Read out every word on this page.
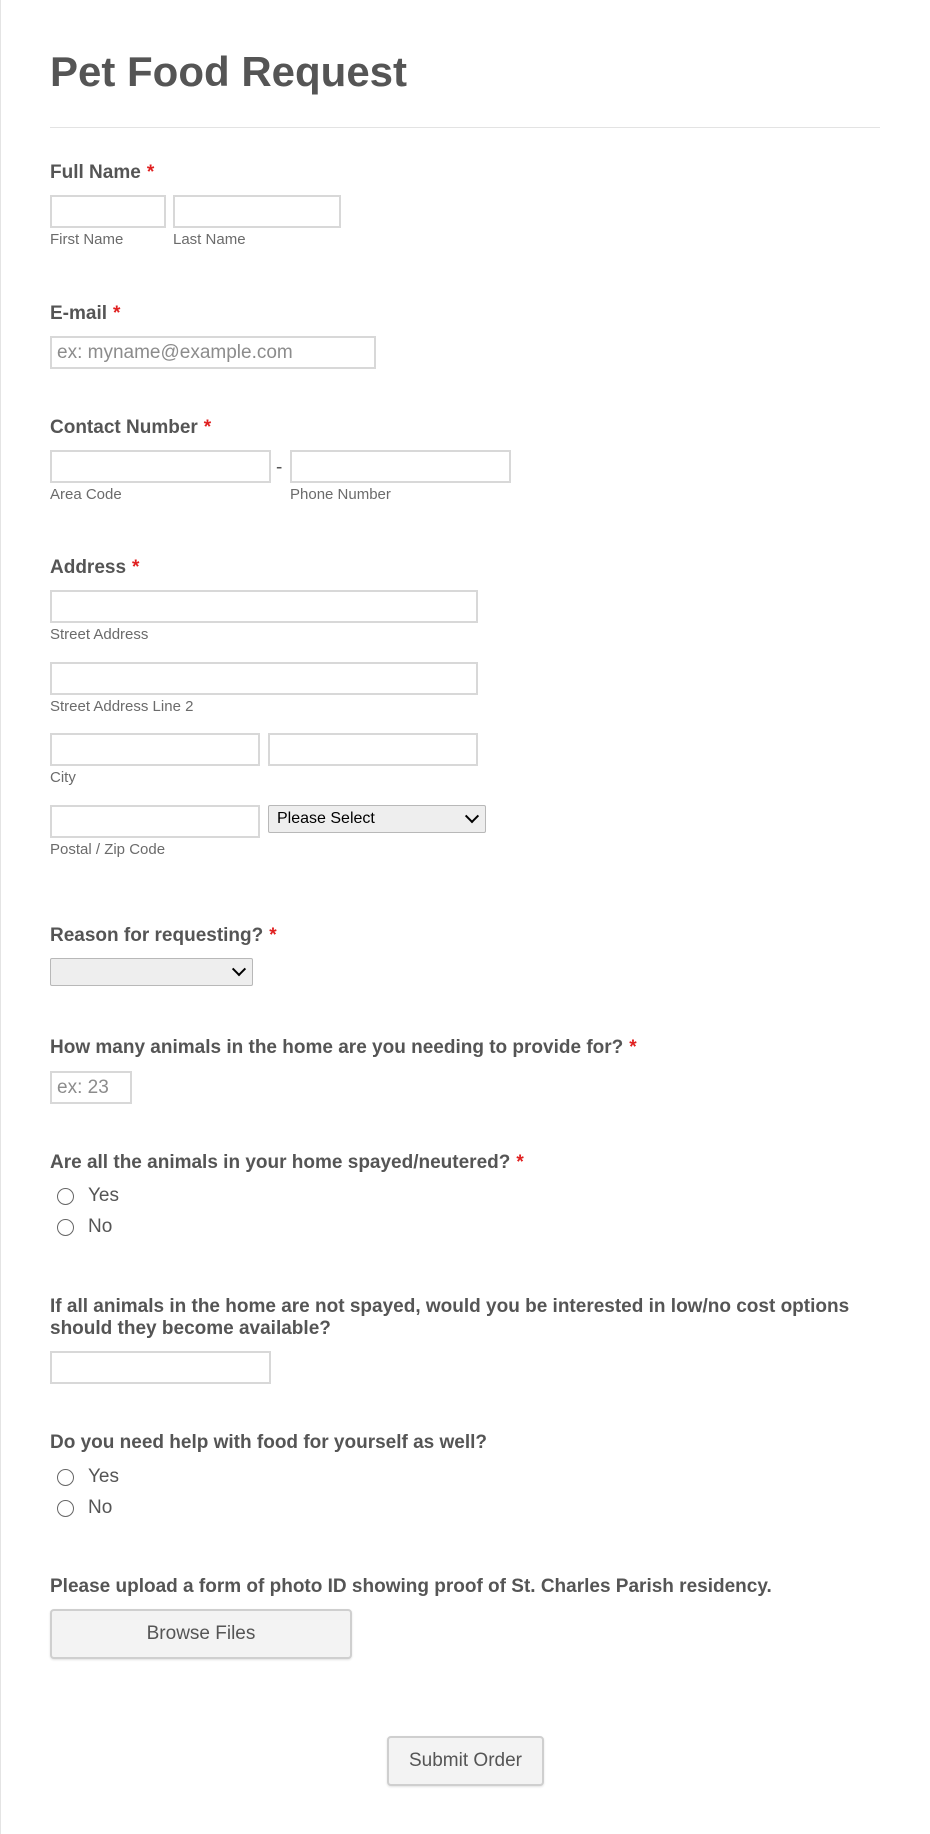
Pet Food Request
Full Name *
First Name	Last Name
E-mail *
ex: myname@example.com
Contact Number *
-
Area Code	Phone Number
Address *
Street Address
Street Address Line 2
City
Please Select
Postal / Zip Code
Reason for requesting? *
How many animals in the home are you needing to provide for? *
ex: 23
Are all the animals in your home spayed/neutered? *
Yes
No
If all animals in the home are not spayed, would you be interested in low/no cost options
should they become available?
Do you need help with food for yourself as well?
Yes
No
Please upload a form of photo ID showing proof of St. Charles Parish residency.
Browse Files
Submit Order
